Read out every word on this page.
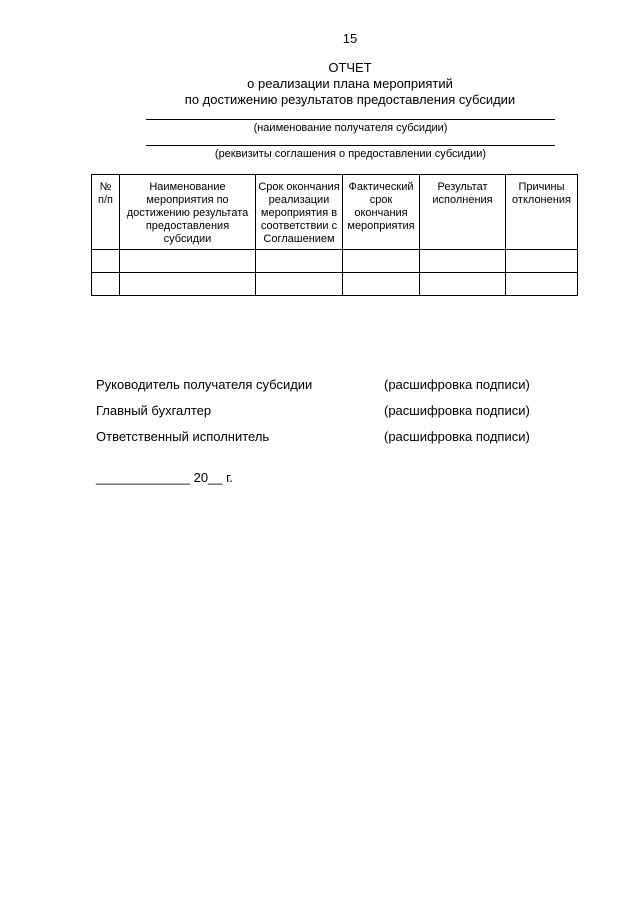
15
ОТЧЕТ
о реализации плана мероприятий
по достижению результатов предоставления субсидии
(наименование получателя субсидии)
(реквизиты соглашения о предоставлении субсидии)
№ п/п	Наименование мероприятия по достижению результата предоставления субсидии	Срок окончания реализации мероприятия в соответствии с Соглашением	Фактический срок окончания мероприятия	Результат исполнения	Причины отклонения

Руководитель получателя субсидии	(расшифровка подписи)
Главный бухгалтер	(расшифровка подписи)
Ответственный исполнитель	(расшифровка подписи)
_____________ 20__ г.
